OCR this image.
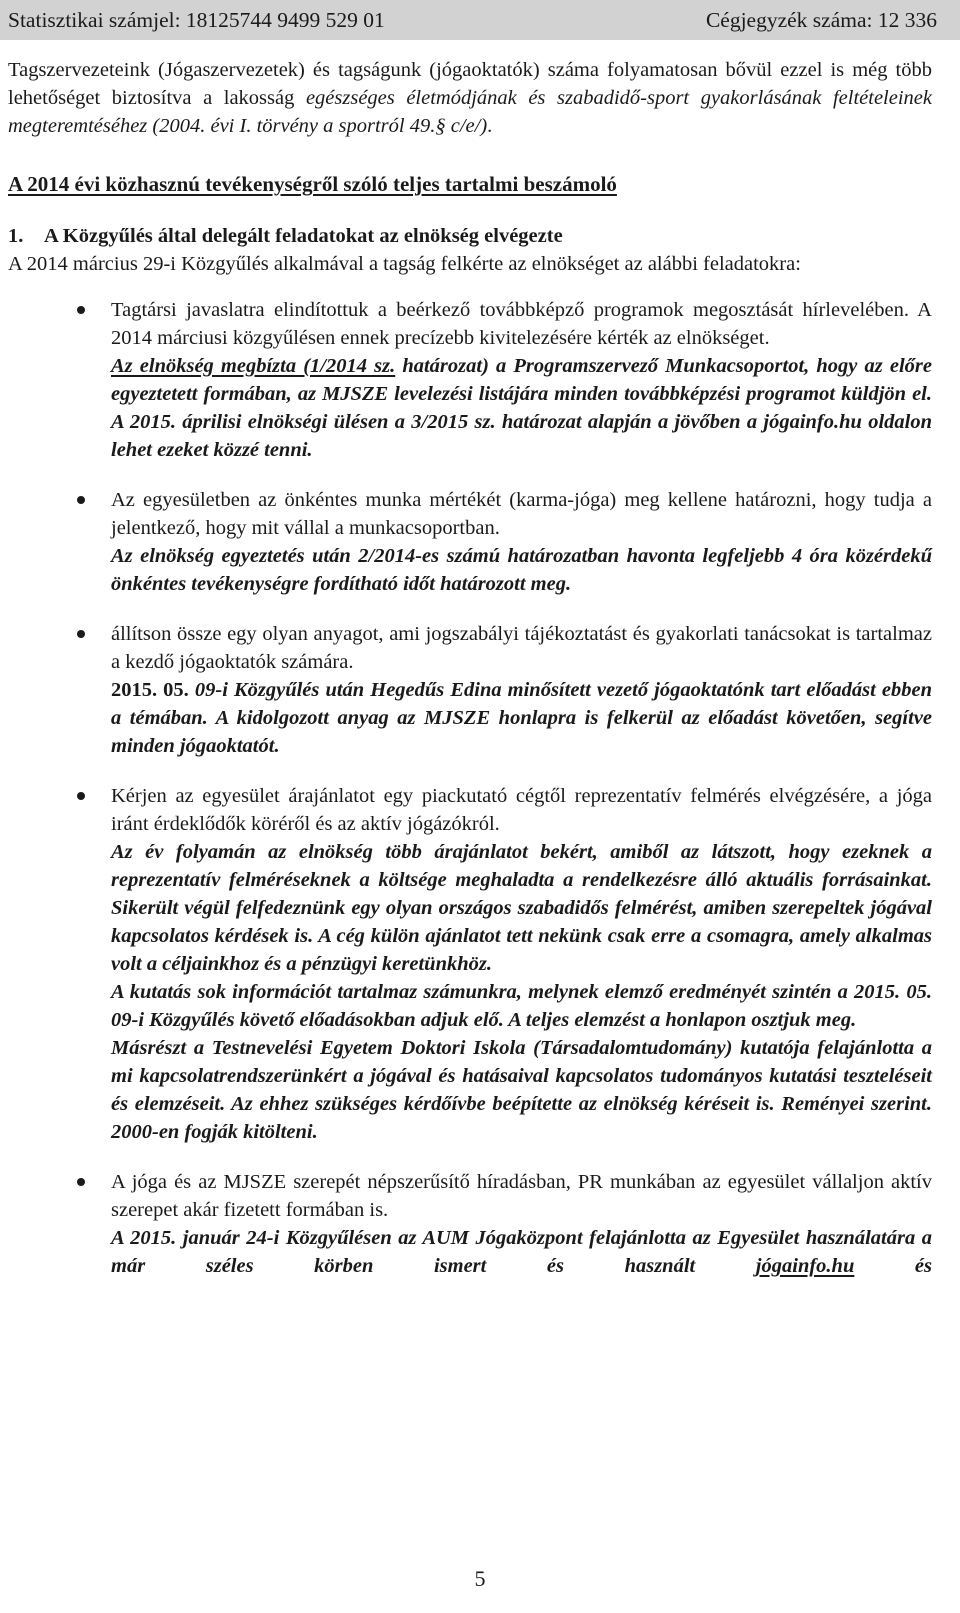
Statisztikai számjel: 18125744 9499 529 01	Cégjegyzék száma: 12 336

Tagszervezeteink (Jógaszervezetek) és tagságunk (jógaoktatók) száma folyamatosan bővül ezzel is még több lehetőséget biztosítva a lakosság egészséges életmódjának és szabadidő-sport gyakorlásának feltételeinek megteremtéséhez (2004. évi I. törvény a sportról 49.§ c/e/).

A 2014 évi közhasznú tevékenységről szóló teljes tartalmi beszámoló

1. A Közgyűlés által delegált feladatokat az elnökség elvégezte

A 2014 március 29-i Közgyűlés alkalmával a tagság felkérte az elnökséget az alábbi feladatokra:

Tagtársi javaslatra elindítottuk a beérkező továbbképző programok megosztását hírlevelében. A 2014 márciusi közgyűlésen ennek precízebb kivitelezésére kérték az elnökséget.

Az elnökség megbízta (1/2014 sz. határozat) a Programszervező Munkacsoportot, hogy az előre egyeztetett formában, az MJSZE levelezési listájára minden továbbképzési programot küldjön el. A 2015. áprilisi elnökségi ülésen a 3/2015 sz. határozat alapján a jövőben a jógainfo.hu oldalon lehet ezeket közzé tenni.

Az egyesületben az önkéntes munka mértékét (karma-jóga) meg kellene határozni, hogy tudja a jelentkező, hogy mit vállal a munkacsoportban.

Az elnökség egyeztetés után 2/2014-es számú határozatban havonta legfeljebb 4 óra közérdekű önkéntes tevékenységre fordítható időt határozott meg.

állítson össze egy olyan anyagot, ami jogszabályi tájékoztatást és gyakorlati tanácsokat is tartalmaz a kezdő jógaoktatók számára.

2015. 05. 09-i Közgyűlés után Hegedűs Edina minősített vezető jógaoktatónk tart előadást ebben a témában. A kidolgozott anyag az MJSZE honlapra is felkerül az előadást követően, segítve minden jógaoktatót.

Kérjen az egyesület árajánlatot egy piackutató cégtől reprezentatív felmérés elvégzésére, a jóga iránt érdeklődők köréről és az aktív jógázókról.

Az év folyamán az elnökség több árajánlatot bekért, amiből az látszott, hogy ezeknek a reprezentatív felméréseknek a költsége meghaladta a rendelkezésre álló aktuális forrásainkat. Sikerült végül felfedeznünk egy olyan országos szabadidős felmérést, amiben szerepeltek jógával kapcsolatos kérdések is. A cég külön ajánlatot tett nekünk csak erre a csomagra, amely alkalmas volt a céljainkhoz és a pénzügyi keretünkhöz.

A kutatás sok információt tartalmaz számunkra, melynek elemző eredményét szintén a 2015. 05. 09-i Közgyűlés követő előadásokban adjuk elő. A teljes elemzést a honlapon osztjuk meg.

Másrészt a Testnevelési Egyetem Doktori Iskola (Társadalomtudomány) kutatója felajánlotta a mi kapcsolatrendszerünkért a jógával és hatásaival kapcsolatos tudományos kutatási teszteléseit és elemzéseit. Az ehhez szükséges kérdőívbe beépítette az elnökség kéréseit is. Reményei szerint. 2000-en fogják kitölteni.

A jóga és az MJSZE szerepét népszerűsítő híradásban, PR munkában az egyesület vállaljon aktív szerepet akár fizetett formában is.

A 2015. január 24-i Közgyűlésen az AUM Jógaközpont felajánlotta az Egyesület használatára a már széles körben ismert és használt jógainfo.hu és

5
